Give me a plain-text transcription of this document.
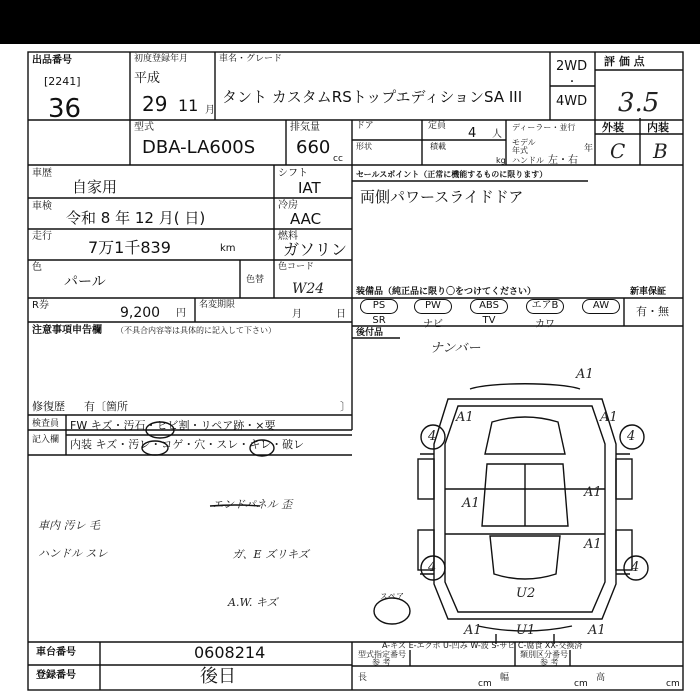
出品番号
[2241]
36
初度登録年月
平成
29 11 月
車名・グレード
タント カスタムRSトップエディションSA III
2WD
・
4WD
評 価 点
3.5
外装 内装
C B
型式
DBA-LA600S
排気量
660
cc
ドア	定員 4 人
形状	積載
kg
ディーラー・並行
モデル
年式	年
ハンドル 左・右
車歴
自家用
シフト
IAT
車検
令和 8 年 12 月( 日)
冷房
AAC
走行
7万1千839	km
燃料
ガソリン
色
パール	色替
色コード
W24
R券	9,200 円
名変期限
月	日
注意事項申告欄 （不具合内容等は具体的に記入して下さい）
修復歴 有〔箇所	〕
検査員
記入欄
FW キズ・汚石・ヒビ割・リペア跡・×要
内装 キズ・汚レ・コゲ・穴・スレ・キレ・破レ
車内 汚レ 毛
ハンドル スレ
エンドパネル 歪
ガ、E ズリキズ
A.W. キズ
セールスポイント（正常に機能するものに限ります）
両側パワースライドドア
装備品（純正品に限り〇をつけてください）	新車保証
有・無
PS	PW	ABS	エアB	AW
SR	ナビ	TV	カワ
後付品
ナンバー
A1
A1	A1
A1
A1
A1
U2
A1	U1	A1
4	4
4	4
スペア
A-キズ E-エクボ U-凹み W-波 S-サビ C-腐食 XX-交換済
車台番号	0608214
登録番号	後日
型式指定番号
参 考
類別区分番号
参 考
長
cm
幅
cm
高
cm
